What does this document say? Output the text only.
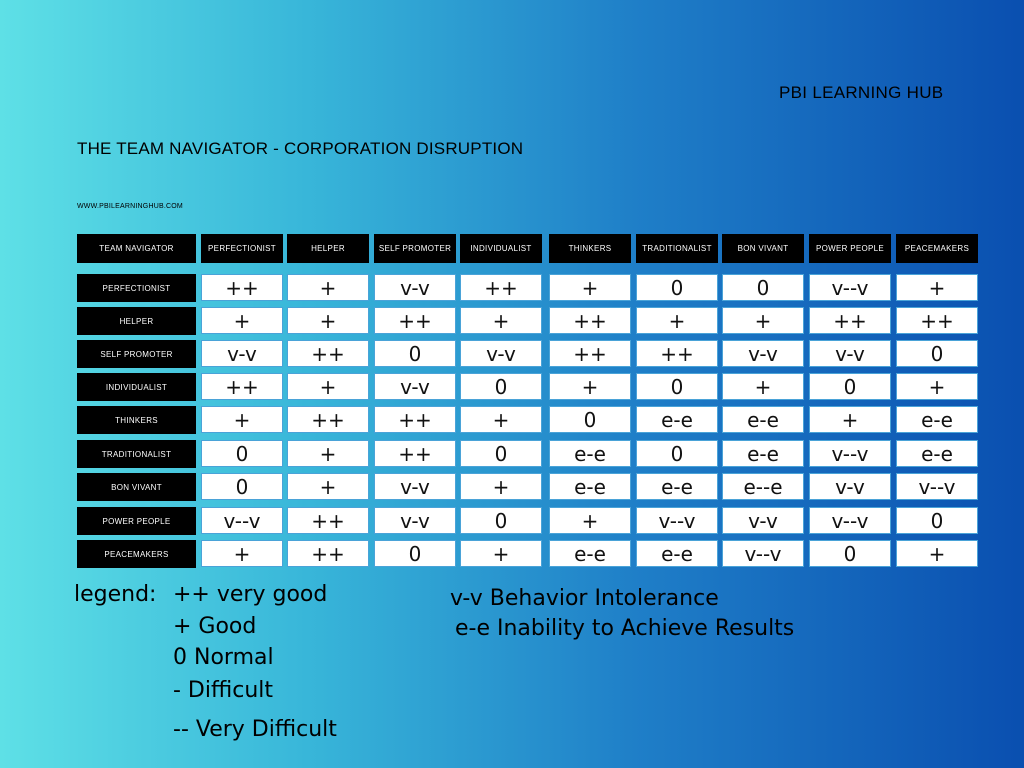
PBI LEARNING HUB
THE TEAM NAVIGATOR - CORPORATION DISRUPTION
WWW.PBILEARNINGHUB.COM
TEAM NAVIGATOR	PERFECTIONIST	HELPER	SELF PROMOTER	INDIVIDUALIST	THINKERS	TRADITIONALIST	BON VIVANT	POWER PEOPLE	PEACEMAKERS
PERFECTIONIST	++	+	v-v	++	+	0	0	v--v	+
HELPER	+	+	++	+	++	+	+	++	++
SELF PROMOTER	v-v	++	0	v-v	++	++	v-v	v-v	0
INDIVIDUALIST	++	+	v-v	0	+	0	+	0	+
THINKERS	+	++	++	+	0	e-e	e-e	+	e-e
TRADITIONALIST	0	+	++	0	e-e	0	e-e	v--v	e-e
BON VIVANT	0	+	v-v	+	e-e	e-e	e--e	v-v	v--v
POWER PEOPLE	v--v	++	v-v	0	+	v--v	v-v	v--v	0
PEACEMAKERS	+	++	0	+	e-e	e-e	v--v	0	+
legend: ++ very good
+ Good
0 Normal
- Difficult
-- Very Difficult
v-v Behavior Intolerance
e-e Inability to Achieve Results
